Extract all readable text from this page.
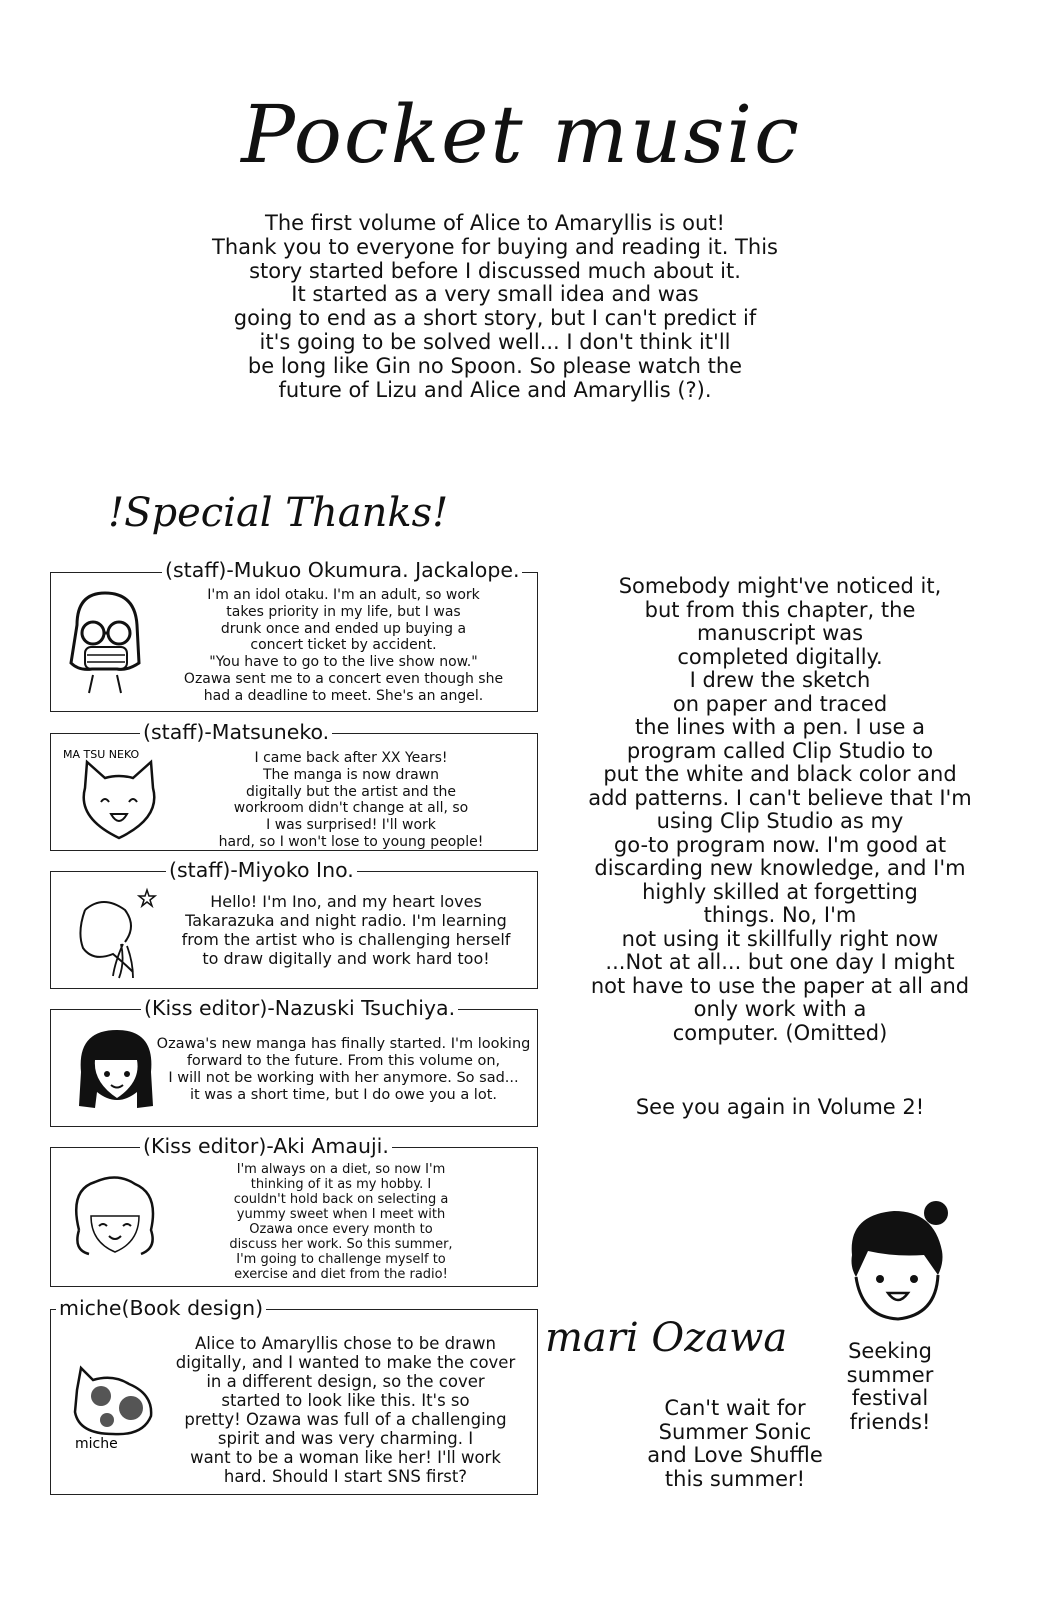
Pocket music
The first volume of Alice to Amaryllis is out!
Thank you to everyone for buying and reading it. This
story started before I discussed much about it.
It started as a very small idea and was
going to end as a short story, but I can't predict if
it's going to be solved well... I don't think it'll
be long like Gin no Spoon. So please watch the
future of Lizu and Alice and Amaryllis (?).
!Special Thanks!
I'm an idol otaku. I'm an adult, so work
takes priority in my life, but I was
drunk once and ended up buying a
concert ticket by accident.
"You have to go to the live show now."
Ozawa sent me to a concert even though she
had a deadline to meet. She's an angel.
(staff)-Mukuo Okumura. Jackalope.
MA TSU NEKO	I came back after XX Years!
The manga is now drawn
digitally but the artist and the
workroom didn't change at all, so
I was surprised! I'll work
hard, so I won't lose to young people!
(staff)-Matsuneko.
Hello! I'm Ino, and my heart loves
Takarazuka and night radio. I'm learning
from the artist who is challenging herself
to draw digitally and work hard too!
(staff)-Miyoko Ino.
Ozawa's new manga has finally started. I'm looking
forward to the future. From this volume on,
I will not be working with her anymore. So sad...
it was a short time, but I do owe you a lot.
(Kiss editor)-Nazuski Tsuchiya.
I'm always on a diet, so now I'm
thinking of it as my hobby. I
couldn't hold back on selecting a
yummy sweet when I meet with
Ozawa once every month to
discuss her work. So this summer,
I'm going to challenge myself to
exercise and diet from the radio!
(Kiss editor)-Aki Amauji.
miche
Alice to Amaryllis chose to be drawn
digitally, and I wanted to make the cover
in a different design, so the cover
started to look like this. It's so
pretty! Ozawa was full of a challenging
spirit and was very charming. I
want to be a woman like her! I'll work
hard. Should I start SNS first?
miche(Book design)
Somebody might've noticed it,
but from this chapter, the
manuscript was
completed digitally.
I drew the sketch
on paper and traced
the lines with a pen. I use a
program called Clip Studio to
put the white and black color and
add patterns. I can't believe that I'm
using Clip Studio as my
go-to program now. I'm good at
discarding new knowledge, and I'm
highly skilled at forgetting
things. No, I'm
not using it skillfully right now
...Not at all... but one day I might
not have to use the paper at all and
only work with a
computer. (Omitted)
See you again in Volume 2!
mari Ozawa
Can't wait for
Summer Sonic
and Love Shuffle
this summer!
Seeking
summer
festival
friends!
